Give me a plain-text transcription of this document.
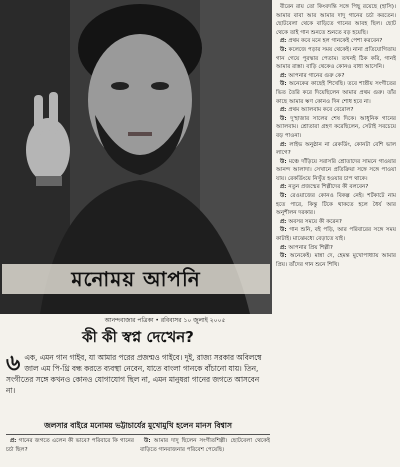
মনোময় আপনি
আনন্দবাজার পত্রিকা • রবিবাসর ১০ জুলাই ২০০৫
কী কী স্বপ্ন দেখেন?
৬ এক, এমন গান গাইব, যা আমার পরের প্রজন্মও গাইবে। দুই, রাজ্য সরকার অবিলম্বে জাল এম পি-থ্রি বন্ধ করতে ব্যবস্থা নেবেন, যাতে বাংলা গানকে বাঁচানো যায়। তিন, সংগীতের সঙ্গে কখনও কোনও যোগাযোগ ছিল না, এমন মানুষরা গানের জগতে আসবেন না।
জলসার বাইরে মনোময় ভট্টাচার্যের মুখোমুখি হলেন মানস বিশ্বাস

বীরেন রায় তো কিংবদন্তি সঙ্গে পিছু রয়েছে (হাসি)। আমার বাবা আর আমার দাদু গানের চর্চা করতেন। ছোটবেলা থেকে বাড়িতে গানের আবহ ছিল। ছোট থেকে তাই গান শুনতে শুনতে বড় হয়েছি।

প্র: প্রথম কবে মনে হল গানকেই পেশা করবেন?

উ: কলেজে পড়ার সময় থেকেই। নানা প্রতিযোগিতায় গান গেয়ে পুরস্কার পেতাম। তখনই ঠিক করি, গানই আমার রাস্তা। বাড়ি থেকেও কোনও বাধা আসেনি।

প্র: আপনার গানের গুরু কে?

উ: অনেকের কাছেই শিখেছি। তবে শাস্ত্রীয় সংগীতের ভিত তৈরি করে দিয়েছিলেন আমার প্রথম গুরু। তাঁর কাছে আমার ঋণ কোনও দিন শোধ হবে না।

প্র: প্রথম অ্যালবাম কবে বেরোল?

উ: দু'হাজার সালের শেষ দিকে। আধুনিক গানের অ্যালবাম। শ্রোতারা গ্রহণ করেছিলেন, সেটাই সবচেয়ে বড় পাওনা।

প্র: লাইভ অনুষ্ঠান না রেকর্ডিং, কোনটা বেশি ভাল লাগে?

উ: মঞ্চে দাঁড়িয়ে সরাসরি শ্রোতাদের সামনে গাওয়ার আনন্দ আলাদা। সেখানে প্রতিক্রিয়া সঙ্গে সঙ্গে পাওয়া যায়। রেকর্ডিংয়ে নিখুঁত হওয়ার চাপ থাকে।

প্র: নতুন প্রজন্মের শিল্পীদের কী বলবেন?

উ: রেওয়াজের কোনও বিকল্প নেই। শর্টকাটে নাম হতে পারে, কিন্তু টিকে থাকতে হলে ধৈর্য আর অনুশীলন দরকার।

প্র: অবসর সময়ে কী করেন?

উ: গান শুনি, বই পড়ি, আর পরিবারের সঙ্গে সময় কাটাই। মাঝেমধ্যে বেড়াতে যাই।

প্র: আপনার প্রিয় শিল্পী?

উ: অনেকেই। মান্না দে, হেমন্ত মুখোপাধ্যায় আমার প্রিয়। তাঁদের গান শুনে শিখি।

প্র: গানের জগতে এলেন কী ভাবে? পরিবারে কি গানের চর্চা ছিল?

উ: আমার দাদু ছিলেন সংগীতশিল্পী। ছোটবেলা থেকেই বাড়িতে গানবাজনার পরিবেশ পেয়েছি।
